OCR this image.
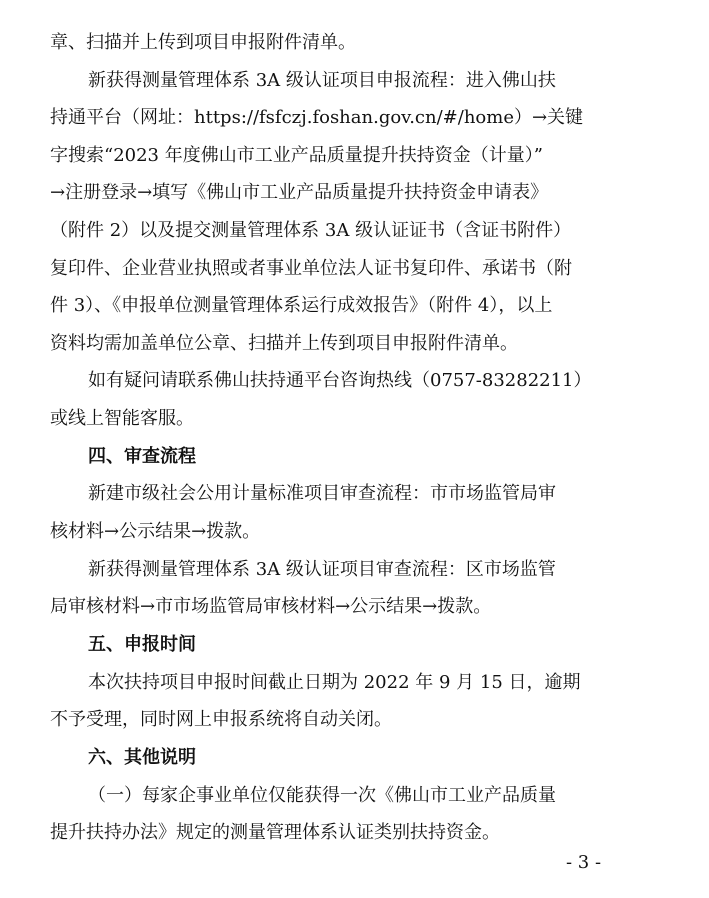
章、扫描并上传到项目申报附件清单。
新获得测量管理体系 3A 级认证项目申报流程：进入佛山扶
持通平台（网址：https://fsfczj.foshan.gov.cn/#/home）→关键
字搜索“2023 年度佛山市工业产品质量提升扶持资金（计量）”
→注册登录→填写《佛山市工业产品质量提升扶持资金申请表》
（附件 2）以及提交测量管理体系 3A 级认证证书（含证书附件）
复印件、企业营业执照或者事业单位法人证书复印件、承诺书（附
件 3）、《申报单位测量管理体系运行成效报告》（附件 4），以上
资料均需加盖单位公章、扫描并上传到项目申报附件清单。
如有疑问请联系佛山扶持通平台咨询热线（0757-83282211）
或线上智能客服。
四、审查流程
新建市级社会公用计量标准项目审查流程：市市场监管局审
核材料→公示结果→拨款。
新获得测量管理体系 3A 级认证项目审查流程：区市场监管
局审核材料→市市场监管局审核材料→公示结果→拨款。
五、申报时间
本次扶持项目申报时间截止日期为 2022 年 9 月 15 日，逾期
不予受理，同时网上申报系统将自动关闭。
六、其他说明
（一）每家企事业单位仅能获得一次《佛山市工业产品质量
提升扶持办法》规定的测量管理体系认证类别扶持资金。
- 3 -
